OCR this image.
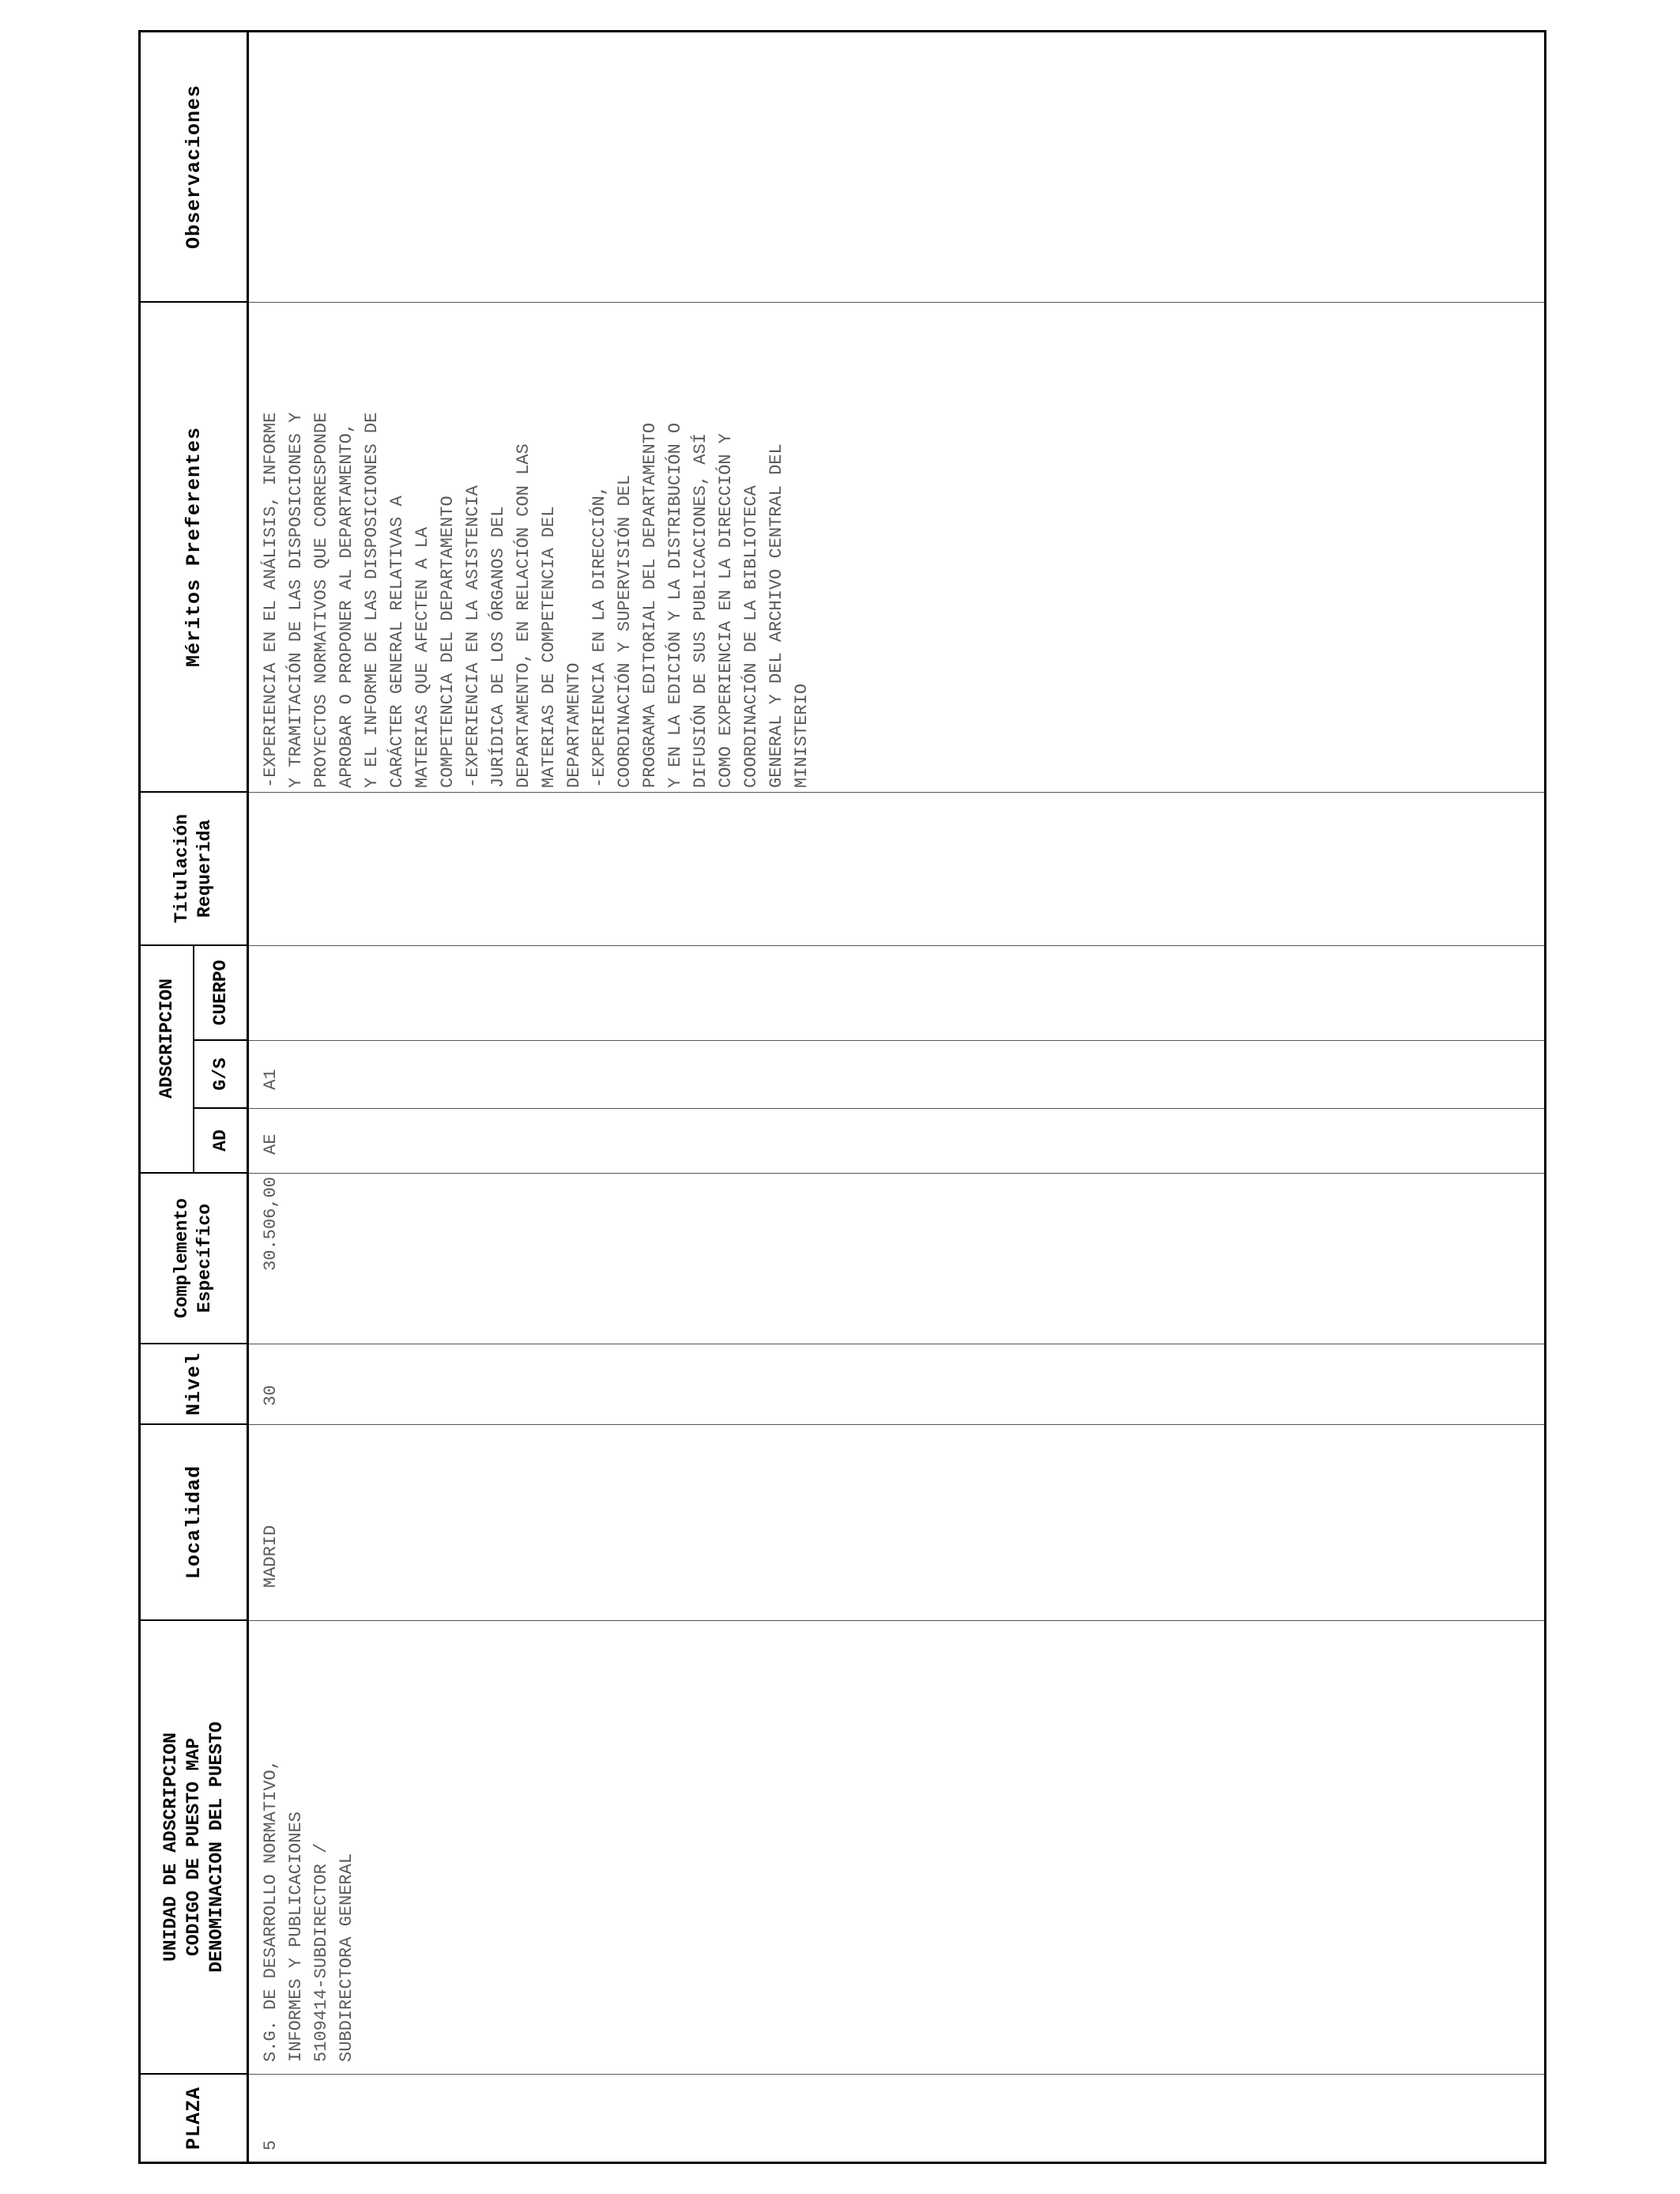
PLAZA
UNIDAD DE ADSCRIPCION
CODIGO DE PUESTO MAP
DENOMINACION DEL PUESTO
Localidad
Nivel
Complemento
Específico
ADSCRIPCION
AD
G/S
CUERPO
Titulación
Requerida
Méritos Preferentes
Observaciones
5
S.G. DE DESARROLLO NORMATIVO,
INFORMES Y PUBLICACIONES
5109414-SUBDIRECTOR /
SUBDIRECTORA GENERAL
MADRID
30
30.506,00
AE
A1
-EXPERIENCIA EN EL ANÁLISIS, INFORME
Y TRAMITACIÓN DE LAS DISPOSICIONES Y
PROYECTOS NORMATIVOS QUE CORRESPONDE
APROBAR O PROPONER AL DEPARTAMENTO,
Y EL INFORME DE LAS DISPOSICIONES DE
CARÁCTER GENERAL RELATIVAS A
MATERIAS QUE AFECTEN A LA
COMPETENCIA DEL DEPARTAMENTO
-EXPERIENCIA EN LA ASISTENCIA
JURÍDICA DE LOS ÓRGANOS DEL
DEPARTAMENTO, EN RELACIÓN CON LAS
MATERIAS DE COMPETENCIA DEL
DEPARTAMENTO
-EXPERIENCIA EN LA DIRECCIÓN,
COORDINACIÓN Y SUPERVISIÓN DEL
PROGRAMA EDITORIAL DEL DEPARTAMENTO
Y EN LA EDICIÓN Y LA DISTRIBUCIÓN O
DIFUSIÓN DE SUS PUBLICACIONES, ASÍ
COMO EXPERIENCIA EN LA DIRECCIÓN Y
COORDINACIÓN DE LA BIBLIOTECA
GENERAL Y DEL ARCHIVO CENTRAL DEL
MINISTERIO
